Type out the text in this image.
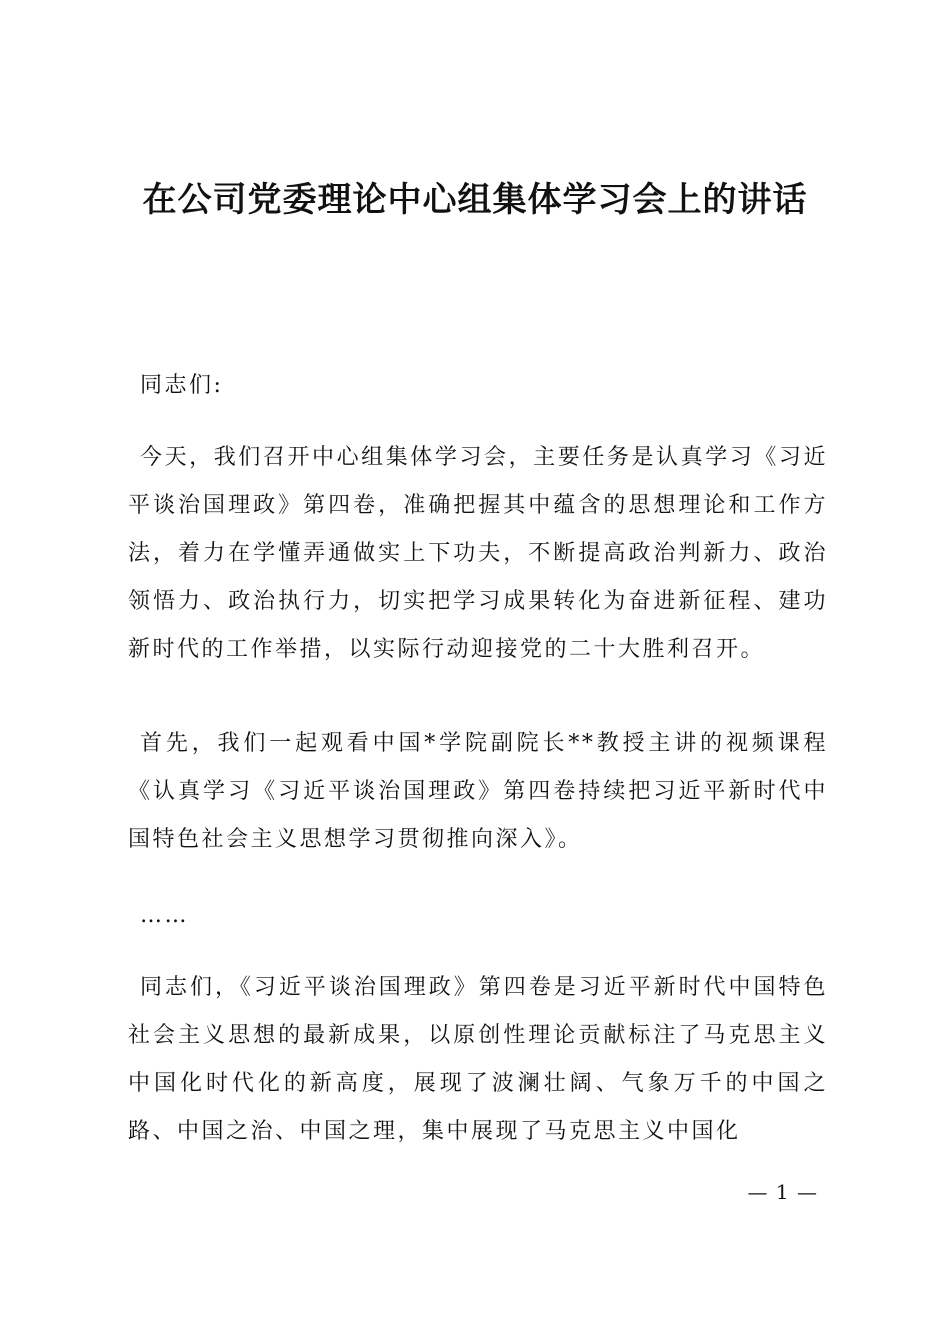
在公司党委理论中心组集体学习会上的讲话

同志们:

今天，我们召开中心组集体学习会，主要任务是认真学习《习近平谈治国理政》第四卷，准确把握其中蕴含的思想理论和工作方法，着力在学懂弄通做实上下功夫，不断提高政治判新力、政治领悟力、政治执行力，切实把学习成果转化为奋进新征程、建功新时代的工作举措，以实际行动迎接党的二十大胜利召开。

首先，我们一起观看中国*学院副院长**教授主讲的视频课程《认真学习《习近平谈治国理政》第四卷持续把习近平新时代中国特色社会主义思想学习贯彻推向深入》。

……

同志们，《习近平谈治国理政》第四卷是习近平新时代中国特色社会主义思想的最新成果，以原创性理论贡献标注了马克思主义中国化时代化的新高度，展现了波澜壮阔、气象万千的中国之路、中国之治、中国之理，集中展现了马克思主义中国化

— 1 —
